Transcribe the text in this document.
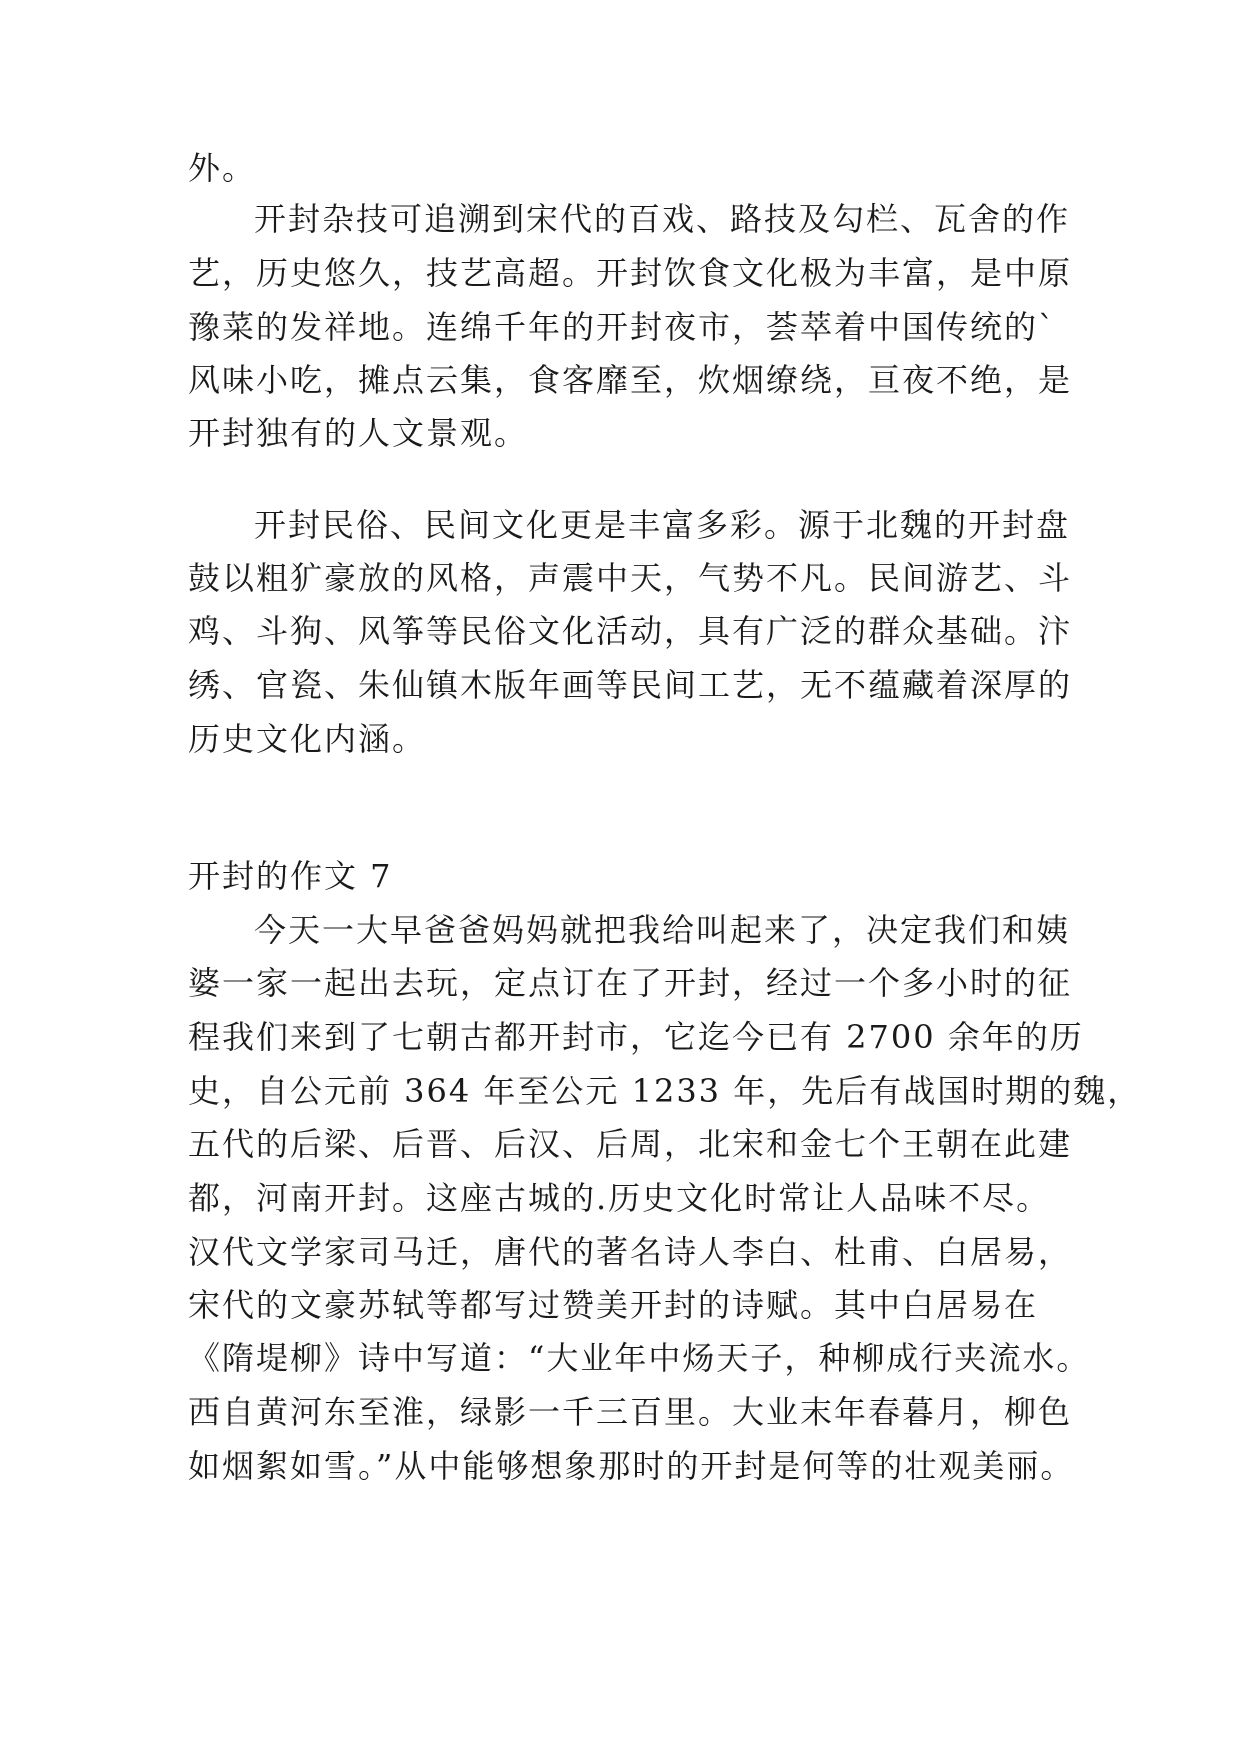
外。
开封杂技可追溯到宋代的百戏、路技及勾栏、瓦舍的作
艺，历史悠久，技艺高超。开封饮食文化极为丰富，是中原
豫菜的发祥地。连绵千年的开封夜市，荟萃着中国传统的`
风味小吃，摊点云集，食客靡至，炊烟缭绕，亘夜不绝，是
开封独有的人文景观。
开封民俗、民间文化更是丰富多彩。源于北魏的开封盘
鼓以粗犷豪放的风格，声震中天，气势不凡。民间游艺、斗
鸡、斗狗、风筝等民俗文化活动，具有广泛的群众基础。汴
绣、官瓷、朱仙镇木版年画等民间工艺，无不蕴藏着深厚的
历史文化内涵。
开封的作文 7
今天一大早爸爸妈妈就把我给叫起来了，决定我们和姨
婆一家一起出去玩，定点订在了开封，经过一个多小时的征
程我们来到了七朝古都开封市，它迄今已有 2700 余年的历
史，自公元前 364 年至公元 1233 年，先后有战国时期的魏，
五代的后梁、后晋、后汉、后周，北宋和金七个王朝在此建
都，河南开封。这座古城的.历史文化时常让人品味不尽。
汉代文学家司马迁，唐代的著名诗人李白、杜甫、白居易，
宋代的文豪苏轼等都写过赞美开封的诗赋。其中白居易在
《隋堤柳》诗中写道：“大业年中炀天子，种柳成行夹流水。
西自黄河东至淮，绿影一千三百里。大业末年春暮月，柳色
如烟絮如雪。”从中能够想象那时的开封是何等的壮观美丽。
